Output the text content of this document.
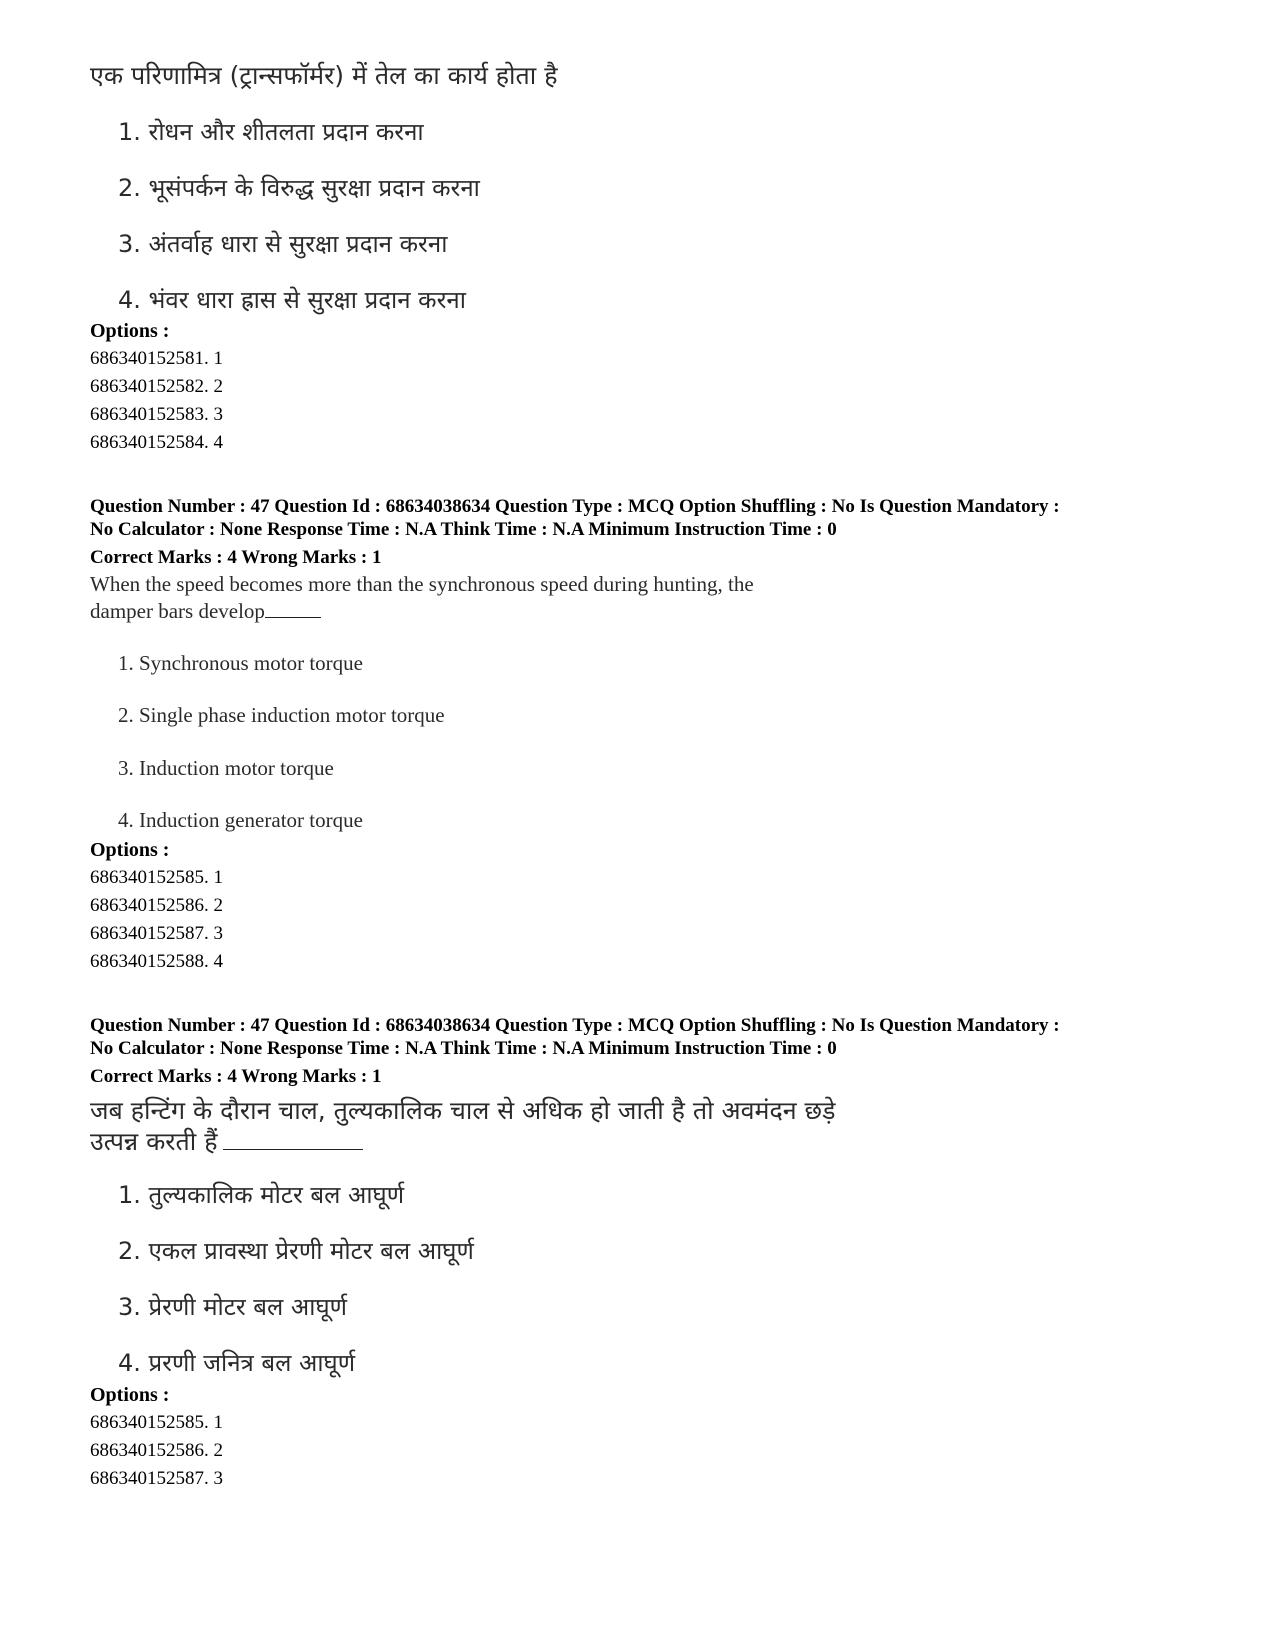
एक परिणामित्र (ट्रान्सफॉर्मर) में तेल का कार्य होता है
1. रोधन और शीतलता प्रदान करना
2. भूसंपर्कन के विरुद्ध सुरक्षा प्रदान करना
3. अंतर्वाह धारा से सुरक्षा प्रदान करना
4. भंवर धारा ह्रास से सुरक्षा प्रदान करना
Options :
686340152581. 1
686340152582. 2
686340152583. 3
686340152584. 4
Question Number : 47 Question Id : 68634038634 Question Type : MCQ Option Shuffling : No Is Question Mandatory :
No Calculator : None Response Time : N.A Think Time : N.A Minimum Instruction Time : 0
Correct Marks : 4 Wrong Marks : 1
When the speed becomes more than the synchronous speed during hunting, the
damper bars develop
1. Synchronous motor torque
2. Single phase induction motor torque
3. Induction motor torque
4. Induction generator torque
Options :
686340152585. 1
686340152586. 2
686340152587. 3
686340152588. 4
Question Number : 47 Question Id : 68634038634 Question Type : MCQ Option Shuffling : No Is Question Mandatory :
No Calculator : None Response Time : N.A Think Time : N.A Minimum Instruction Time : 0
Correct Marks : 4 Wrong Marks : 1
जब हन्टिंग के दौरान चाल, तुल्यकालिक चाल से अधिक हो जाती है तो अवमंदन छड़े
उत्पन्न करती हैं
1. तुल्यकालिक मोटर बल आघूर्ण
2. एकल प्रावस्था प्रेरणी मोटर बल आघूर्ण
3. प्रेरणी मोटर बल आघूर्ण
4. प्ररणी जनित्र बल आघूर्ण
Options :
686340152585. 1
686340152586. 2
686340152587. 3
